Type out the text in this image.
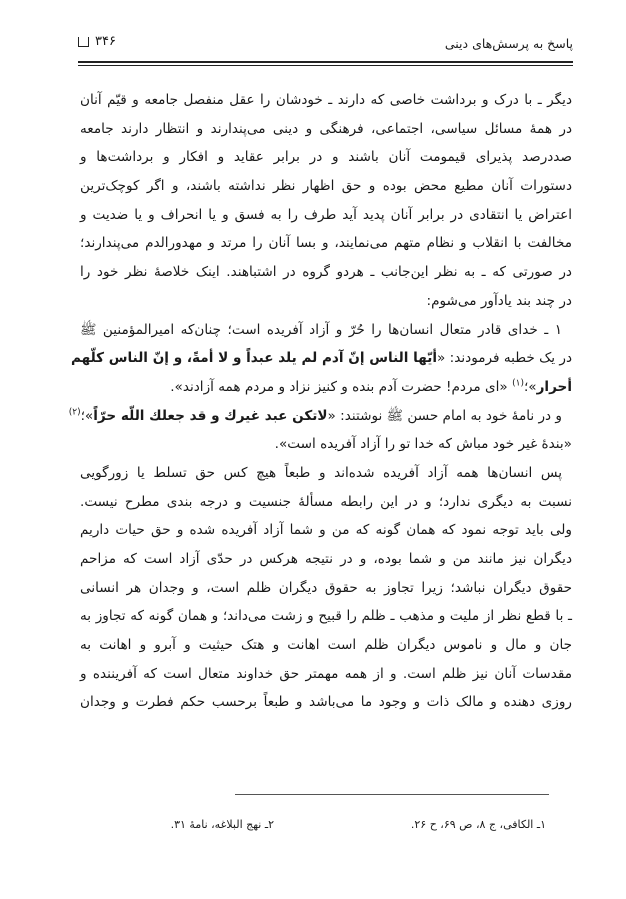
پاسخ به پرسش‌های دینی
۳۴۶
دیگر ـ با درک و برداشت خاصی که دارند ـ خودشان را عقل منفصل جامعه و قیّم آنان
در همهٔ مسائل سیاسی، اجتماعی، فرهنگی و دینی می‌پندارند و انتظار دارند جامعه
صددرصد پذیرای قیمومت آنان باشند و در برابر عقاید و افکار و برداشت‌ها و
دستورات آنان مطیع محض بوده و حق اظهار نظر نداشته باشند، و اگر کوچک‌ترین
اعتراض یا انتقادی در برابر آنان پدید آید طرف را به فسق و یا انحراف و یا ضدیت و
مخالفت با انقلاب و نظام متهم می‌نمایند، و بسا آنان را مرتد و مهدورالدم می‌پندارند؛
در صورتی که ـ به نظر این‌جانب ـ هردو گروه در اشتباهند. اینک خلاصهٔ نظر خود را
در چند بند یادآور می‌شوم:
۱ ـ خدای قادر متعال انسان‌ها را حُرّ و آزاد آفریده است؛ چنان‌که امیرالمؤمنین ﷺ
در یک خطبه فرمودند: «أيّها الناس إنّ آدم لم يلد عبداً و لا أمةً، و إنّ الناس كلّهم
أحرار»؛$^{(۱)}$ «ای مردم! حضرت آدم بنده و کنیز نزاد و مردم همه آزادند».
و در نامهٔ خود به امام حسن ﷺ نوشتند: «لاتكن عبد غيرك و قد جعلك اللّه حرّاً»؛$^{(۲)}$
«بندهٔ غیر خود مباش که خدا تو را آزاد آفریده است».
پس انسان‌ها همه آزاد آفریده شده‌اند و طبعاً هیچ کس حق تسلط یا زورگویی
نسبت به دیگری ندارد؛ و در این رابطه مسألهٔ جنسیت و درجه بندی مطرح نیست.
ولی باید توجه نمود که همان گونه که من و شما آزاد آفریده شده و حق حیات داریم
دیگران نیز مانند من و شما بوده، و در نتیجه هرکس در حدّی آزاد است که مزاحم
حقوق دیگران نباشد؛ زیرا تجاوز به حقوق دیگران ظلم است، و وجدان هر انسانی
ـ با قطع نظر از ملیت و مذهب ـ ظلم را قبیح و زشت می‌داند؛ و همان گونه که تجاوز به
جان و مال و ناموس دیگران ظلم است اهانت و هتک حیثیت و آبرو و اهانت به
مقدسات آنان نیز ظلم است. و از همه مهمتر حق خداوند متعال است که آفریننده و
روزی دهنده و مالک ذات و وجود ما می‌باشد و طبعاً برحسب حکم فطرت و وجدان
۱ـ الکافی، ج ۸، ص ۶۹، ح ۲۶.
۲ـ نهج البلاغه، نامهٔ ۳۱.
